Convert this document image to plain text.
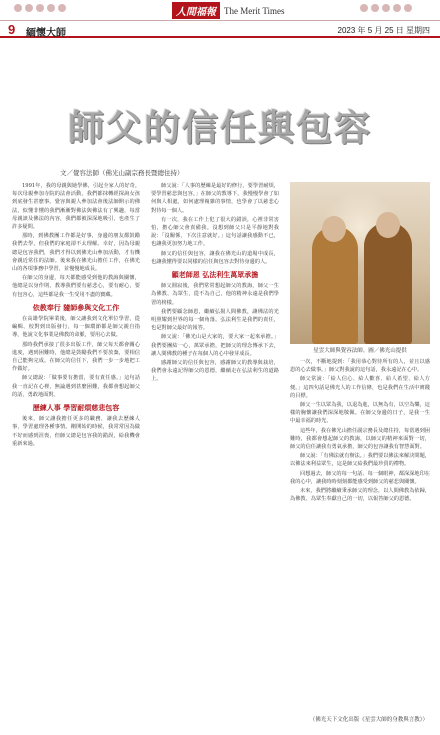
人間福報 The Merit Times
9 緬懷大師	2023 年 5 月 25 日 星期四
師父的信任與包容
文／覺容法師（佛光山副宗務長暨總住持）

1991年，我的母親與她學佛，引起全家人的好奇。每次母親參加寺院的法會活動，我們都抹轉經探詢女孩到底發生甚麼事。覺容與親人參加法會後法師開示的佛法，似懂非懂的我們漸漸對佛法與佛法有了興趣，每當母親談及佛法的內容，我們都被深深地吸引，也產生了許多疑問。

那時，到佛教團工作都是好事，身邊的朋友都鼓勵我們去學，但我們的家庭卻不太理解。幸好，因為母親總是包容我們，我們才得以到佛光山參加活動，才有機會親近常住的法師。後來我在佛光山擔任工作，在佛光山的各項事務中學習，並慢慢地成長。

在師父的身邊，每天都能感受到他的教誨與關懷，他總是以身作則，教導我們要有慈悲心，要有耐心，要有包容心，這些都是我一生受用不盡的寶藏。

依教奉行 隨師參與文化工作

在高雄學院畢業後，師父讓我到文化單位學習，從編輯、校對到出版發行，每一個環節都是師父親自指導，他說文化事業是佛教的命脈，要用心去做。

那時我們承接了很多出版工作，師父每天都會關心進度，遇到困難時，他總是鼓勵我們不要放棄，要相信自己能夠完成。在師父的信任下，我們一步一步地把工作做好。

師父總說：「做事要有擔當，要有責任感。」這句話我一直記在心裡，無論遇到甚麼困難，我都會想起師父的話，勇敢地面對。

歷練人事 學習耐煩慈悲包容

後來，師父讓我擔任更多的職務，讓我去歷練人事，學習處理各種事情。剛開始的時候，我常常因為做不好而感到沮喪，但師父總是包容我的錯誤，給我機會重新來過。

師父說：「人事的歷練是最好的修行，要學習耐煩，要學習慈悲與包容。」在師父的教導下，我慢慢學會了如何與人相處，如何處理複雜的事情，也學會了以慈悲心對待每一個人。

有一次，我在工作上犯了很大的錯誤，心裡非常害怕，擔心師父會責備我。沒想到師父只是平靜地對我說：「沒關係，下次注意就好。」這句話讓我感動不已，也讓我更加努力地工作。

師父的信任與包容，讓我在佛光山的道場中成長，也讓我懂得要以同樣的信任與包容去對待身邊的人。

顧老師恩 弘法利生萬眾承擔

師父圓寂後，我們常常想起師父的教誨，師父一生為佛教、為眾生，從不為自己，他的精神永遠是我們學習的榜樣。

我們要顧念師恩，繼續弘揚人間佛教，讓佛法的光明照耀到世界的每一個角落。弘法利生是我們的責任，也是對師父最好的報答。

師父說：「佛光山是大家的，要大家一起來承擔。」我們要團結一心，萬眾承擔，把師父的理念傳承下去，讓人間佛教的種子在每個人的心中發芽成長。

感謝師父的信任與包容，感謝師父的教導與栽培，我們會永遠記得師父的恩德，繼續走在弘法利生的道路上。

星雲大師與覺容法師。圖／佛光山提供

一次，不斷地提到：「我用恭心對待所有的人，並且以感恩的心去做事。」師父對我說的這句話，我永遠記在心中。

師父常說：「給人信心、給人歡喜、給人希望、給人方便。」這四句話是佛光人的工作信條，也是我們在生活中實踐的目標。

師父一生以眾為我，以退為進，以無為有，以空為樂，這樣的胸懷讓我們深深地敬佩。在師父身邊的日子，是我一生中最幸福的時光。

這些年，我在佛光山擔任副宗務長及總住持，每當遇到困難時，我都會想起師父的教誨，以師父的精神來面對一切，師父的信任讓我有勇氣承擔，師父的包容讓我有智慧面對。

師父說：「有佛法就有辦法。」我們要以佛法來解決問題，以佛法來利益眾生，這是師父給我們最珍貴的禮物。

回想過去，師父的每一句話、每一個眼神，都深深地印在我的心中，讓我時時刻刻都能感受到師父的慈悲與關懷。

未來，我們將繼續秉承師父的理念，以人間佛教為依歸，為佛教、為眾生奉獻自己的一切，以報答師父的恩德。

（佛光天下文化出版《星雲大師的身教與言教》）
